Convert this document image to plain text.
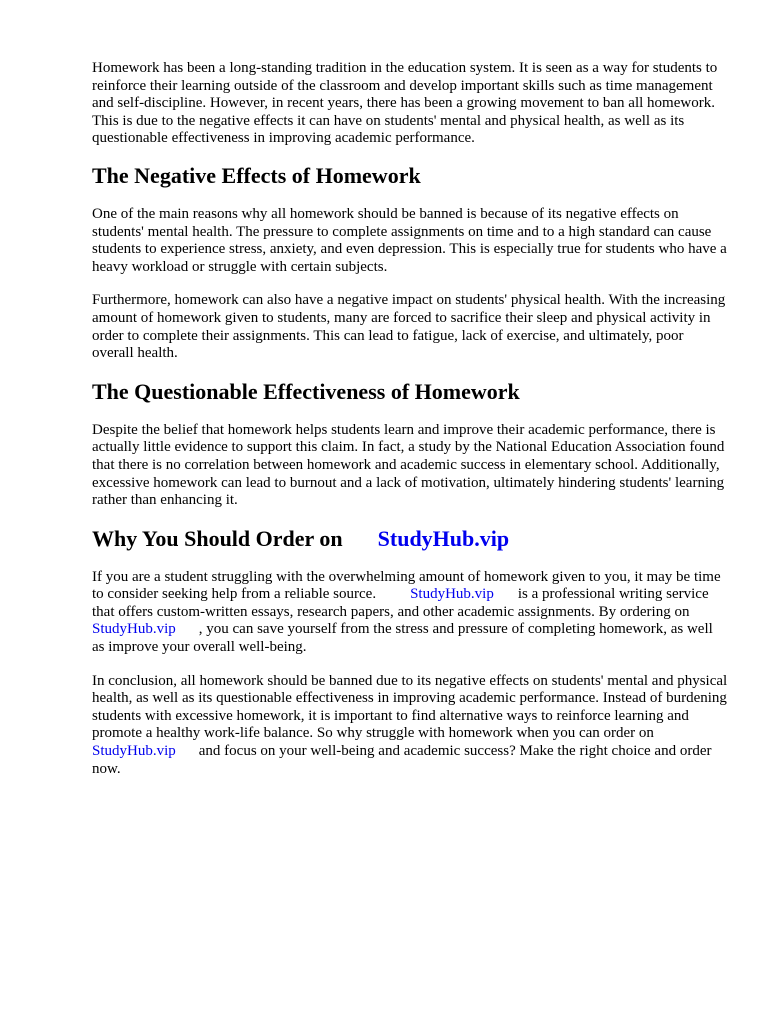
Homework has been a long-standing tradition in the education system. It is seen as a way for students to reinforce their learning outside of the classroom and develop important skills such as time management and self-discipline. However, in recent years, there has been a growing movement to ban all homework. This is due to the negative effects it can have on students' mental and physical health, as well as its questionable effectiveness in improving academic performance.

The Negative Effects of Homework

One of the main reasons why all homework should be banned is because of its negative effects on students' mental health. The pressure to complete assignments on time and to a high standard can cause students to experience stress, anxiety, and even depression. This is especially true for students who have a heavy workload or struggle with certain subjects.

Furthermore, homework can also have a negative impact on students' physical health. With the increasing amount of homework given to students, many are forced to sacrifice their sleep and physical activity in order to complete their assignments. This can lead to fatigue, lack of exercise, and ultimately, poor overall health.

The Questionable Effectiveness of Homework

Despite the belief that homework helps students learn and improve their academic performance, there is actually little evidence to support this claim. In fact, a study by the National Education Association found that there is no correlation between homework and academic success in elementary school. Additionally, excessive homework can lead to burnout and a lack of motivation, ultimately hindering students' learning rather than enhancing it.

Why You Should Order on StudyHub.vip

If you are a student struggling with the overwhelming amount of homework given to you, it may be time to consider seeking help from a reliable source. StudyHub.vip is a professional writing service that offers custom-written essays, research papers, and other academic assignments. By ordering onStudyHub.vip , you can save yourself from the stress and pressure of completing homework, as well as improve your overall well-being.

In conclusion, all homework should be banned due to its negative effects on students' mental and physical health, as well as its questionable effectiveness in improving academic performance. Instead of burdening students with excessive homework, it is important to find alternative ways to reinforce learning and promote a healthy work-life balance. So why struggle with homework when you can order onStudyHub.vip and focus on your well-being and academic success? Make the right choice and order now.
